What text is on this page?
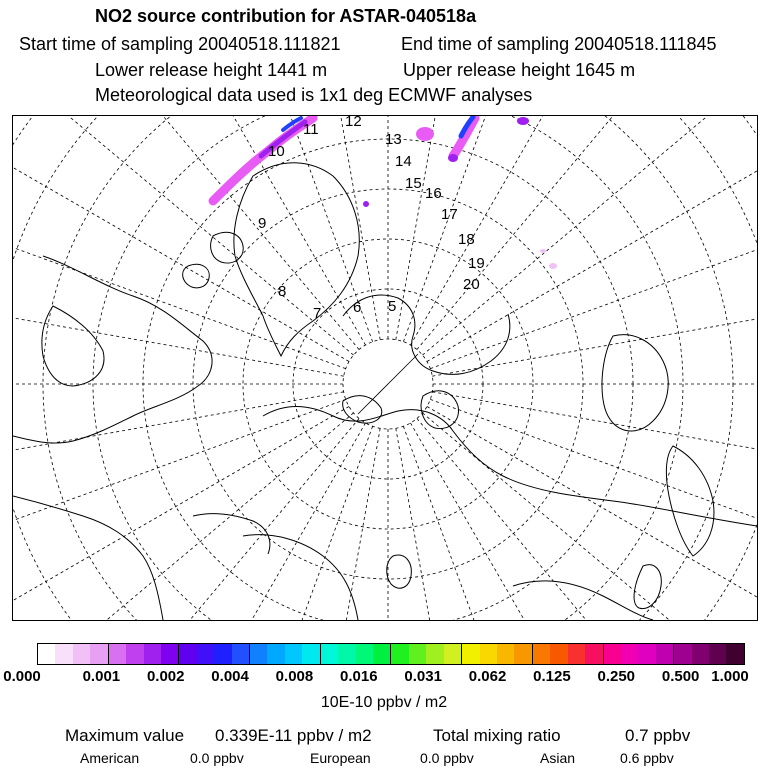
NO2 source contribution for ASTAR-040518a
Start time of sampling 20040518.111821	End time of sampling 20040518.111845
Lower release height 1441 m	Upper release height 1645 m
Meteorological data used is 1x1 deg ECMWF analyses
5
6
7
8
9
10
11 12
13
14
15
16
17
18
19
20
0.000	0.001 0.002 0.004 0.008 0.016 0.031 0.062 0.125 0.250 0.500 1.000
10E-10 ppbv / m2
Maximum value 0.339E-11 ppbv / m2	Total mixing ratio	0.7 ppbv
American	0.0 ppbv	European	0.0 ppbv	Asian	0.6 ppbv
